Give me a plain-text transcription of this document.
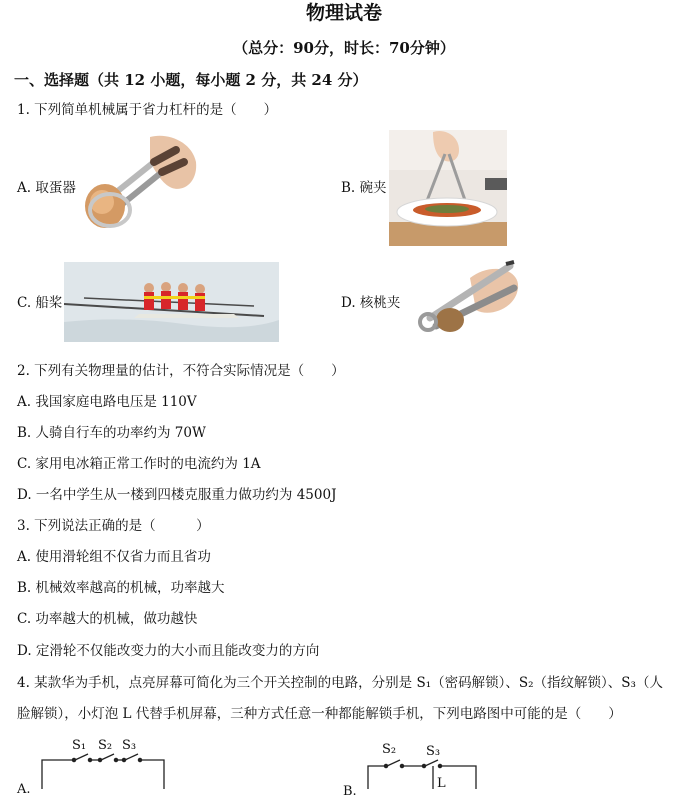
物理试卷
（总分：90分，时长：70分钟）
一、选择题（共 12 小题，每小题 2 分，共 24 分）
1. 下列简单机械属于省力杠杆的是（　　）
A. 取蛋器	B. 碗夹
C. 船桨	D. 核桃夹
2. 下列有关物理量的估计，不符合实际情况是（　　）
A. 我国家庭电路电压是 110V
B. 人骑自行车的功率约为 70W
C. 家用电冰箱正常工作时的电流约为 1A
D. 一名中学生从一楼到四楼克服重力做功约为 4500J
3. 下列说法正确的是（　　　）
A. 使用滑轮组不仅省力而且省功
B. 机械效率越高的机械，功率越大
C. 功率越大的机械，做功越快
D. 定滑轮不仅能改变力的大小而且能改变力的方向
4. 某款华为手机，点亮屏幕可简化为三个开关控制的电路，分别是 S₁（密码解锁）、S₂（指纹解锁）、S₃（人
脸解锁），小灯泡 L 代替手机屏幕，三种方式任意一种都能解锁手机，下列电路图中可能的是（　　）
S₁ S₂ S₃
A.
S₂ S₃
L
B.
